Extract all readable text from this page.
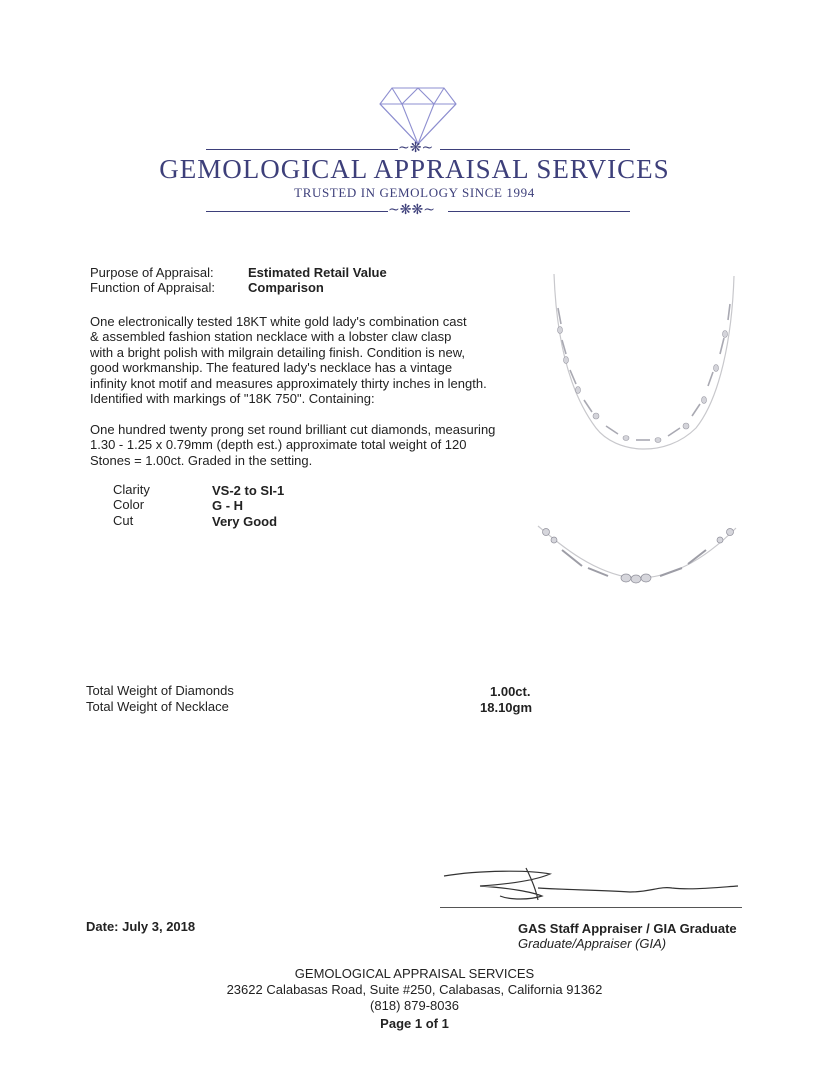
~❋~
GEMOLOGICAL APPRAISAL SERVICES
TRUSTED IN GEMOLOGY SINCE 1994
~❋❋~
Purpose of Appraisal:	Estimated Retail Value
Function of Appraisal:	Comparison
One electronically tested 18KT white gold lady's combination cast
& assembled fashion station necklace with a lobster claw clasp
with a bright polish with milgrain detailing finish. Condition is new,
good workmanship. The featured lady's necklace has a vintage
infinity knot motif and measures approximately thirty inches in length.
Identified with markings of "18K 750". Containing:
One hundred twenty prong set round brilliant cut diamonds, measuring
1.30 - 1.25 x 0.79mm (depth est.) approximate total weight of 120
Stones = 1.00ct. Graded in the setting.
Clarity	VS-2 to SI-1
Color	G - H
Cut	Very Good
Total Weight of Diamonds	1.00ct.
Total Weight of Necklace	18.10gm
Date: July 3, 2018	GAS Staff Appraiser / GIA Graduate
Graduate/Appraiser (GIA)
GEMOLOGICAL APPRAISAL SERVICES
23622 Calabasas Road, Suite #250, Calabasas, California 91362
(818) 879-8036
Page 1 of 1
